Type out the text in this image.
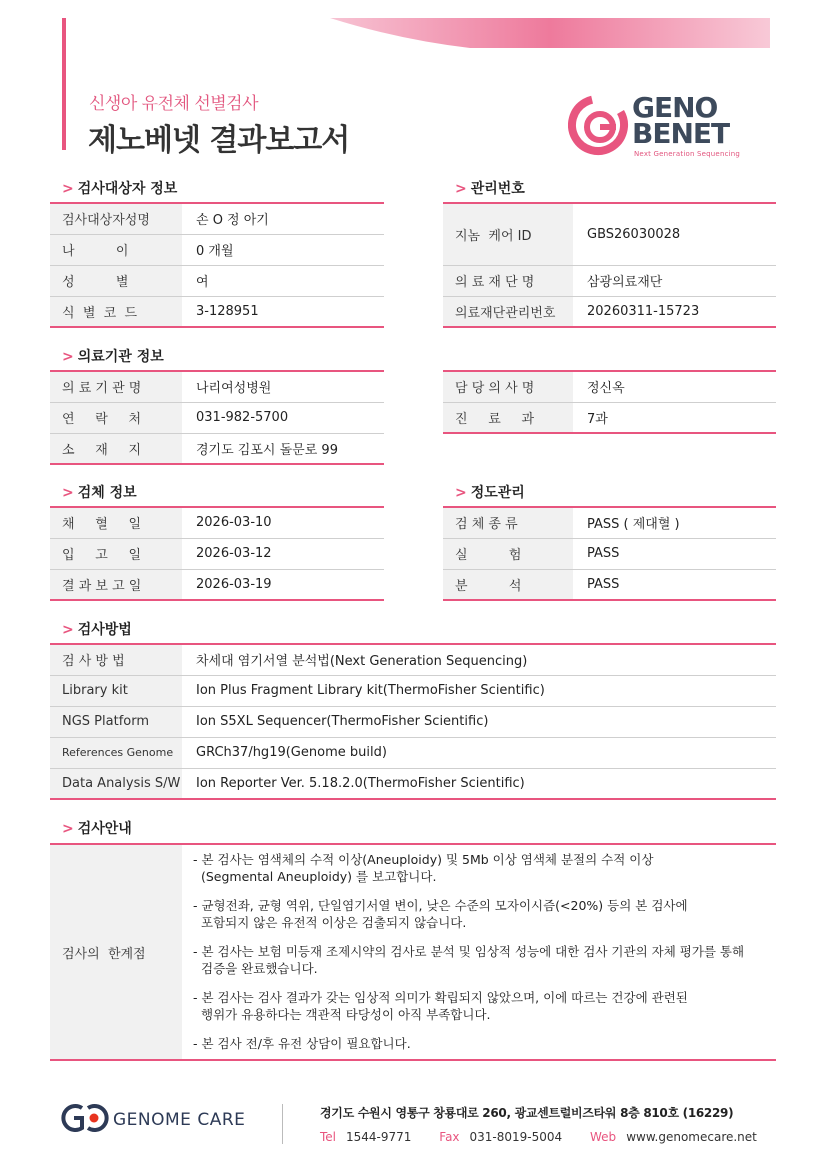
신생아 유전체 선별검사
제노베넷 결과보고서
GENO
BENET
Next Generation Sequencing
> 검사대상자 정보
검사대상자성명	손 O 정 아기
나          이	0 개월
성          별	여
식  별  코  드	3-128951
> 관리번호
지놈  케어 ID	GBS26030028
의 료 재 단 명	삼광의료재단
의료재단관리번호	20260311-15723
> 의료기관 정보
의 료 기 관 명	나리여성병원
연     락     처	031-982-5700
소     재     지	경기도 김포시 돌문로 99
담 당 의 사 명	정신옥
진     료     과	7과
> 검체 정보
채     혈     일	2026-03-10
입     고     일	2026-03-12
결 과 보 고 일	2026-03-19
> 정도관리
검 체 종 류	PASS ( 제대혈 )
실          험	PASS
분          석	PASS
> 검사방법
검 사 방 법	차세대 염기서열 분석법(Next Generation Sequencing)
Library kit	Ion Plus Fragment Library kit(ThermoFisher Scientific)
NGS Platform	Ion S5XL Sequencer(ThermoFisher Scientific)
References Genome	GRCh37/hg19(Genome build)
Data Analysis S/W	Ion Reporter Ver. 5.18.2.0(ThermoFisher Scientific)
> 검사안내
검사의  한계점
- 본 검사는 염색체의 수적 이상(Aneuploidy) 및 5Mb 이상 염색체 분절의 수적 이상
(Segmental Aneuploidy) 를 보고합니다.
- 균형전좌, 균형 역위, 단일염기서열 변이, 낮은 수준의 모자이시즘(<20%) 등의 본 검사에
포함되지 않은 유전적 이상은 검출되지 않습니다.
- 본 검사는 보험 미등재 조제시약의 검사로 분석 및 임상적 성능에 대한 검사 기관의 자체 평가를 통해
검증을 완료했습니다.
- 본 검사는 검사 결과가 갖는 임상적 의미가 확립되지 않았으며, 이에 따르는 건강에 관련된
행위가 유용하다는 객관적 타당성이 아직 부족합니다.
- 본 검사 전/후 유전 상담이 필요합니다.
GENOME CARE	경기도 수원시 영통구 창룡대로 260, 광교센트럴비즈타워 8층 810호 (16229)
Tel 1544-9771 Fax 031-8019-5004 Web www.genomecare.net
